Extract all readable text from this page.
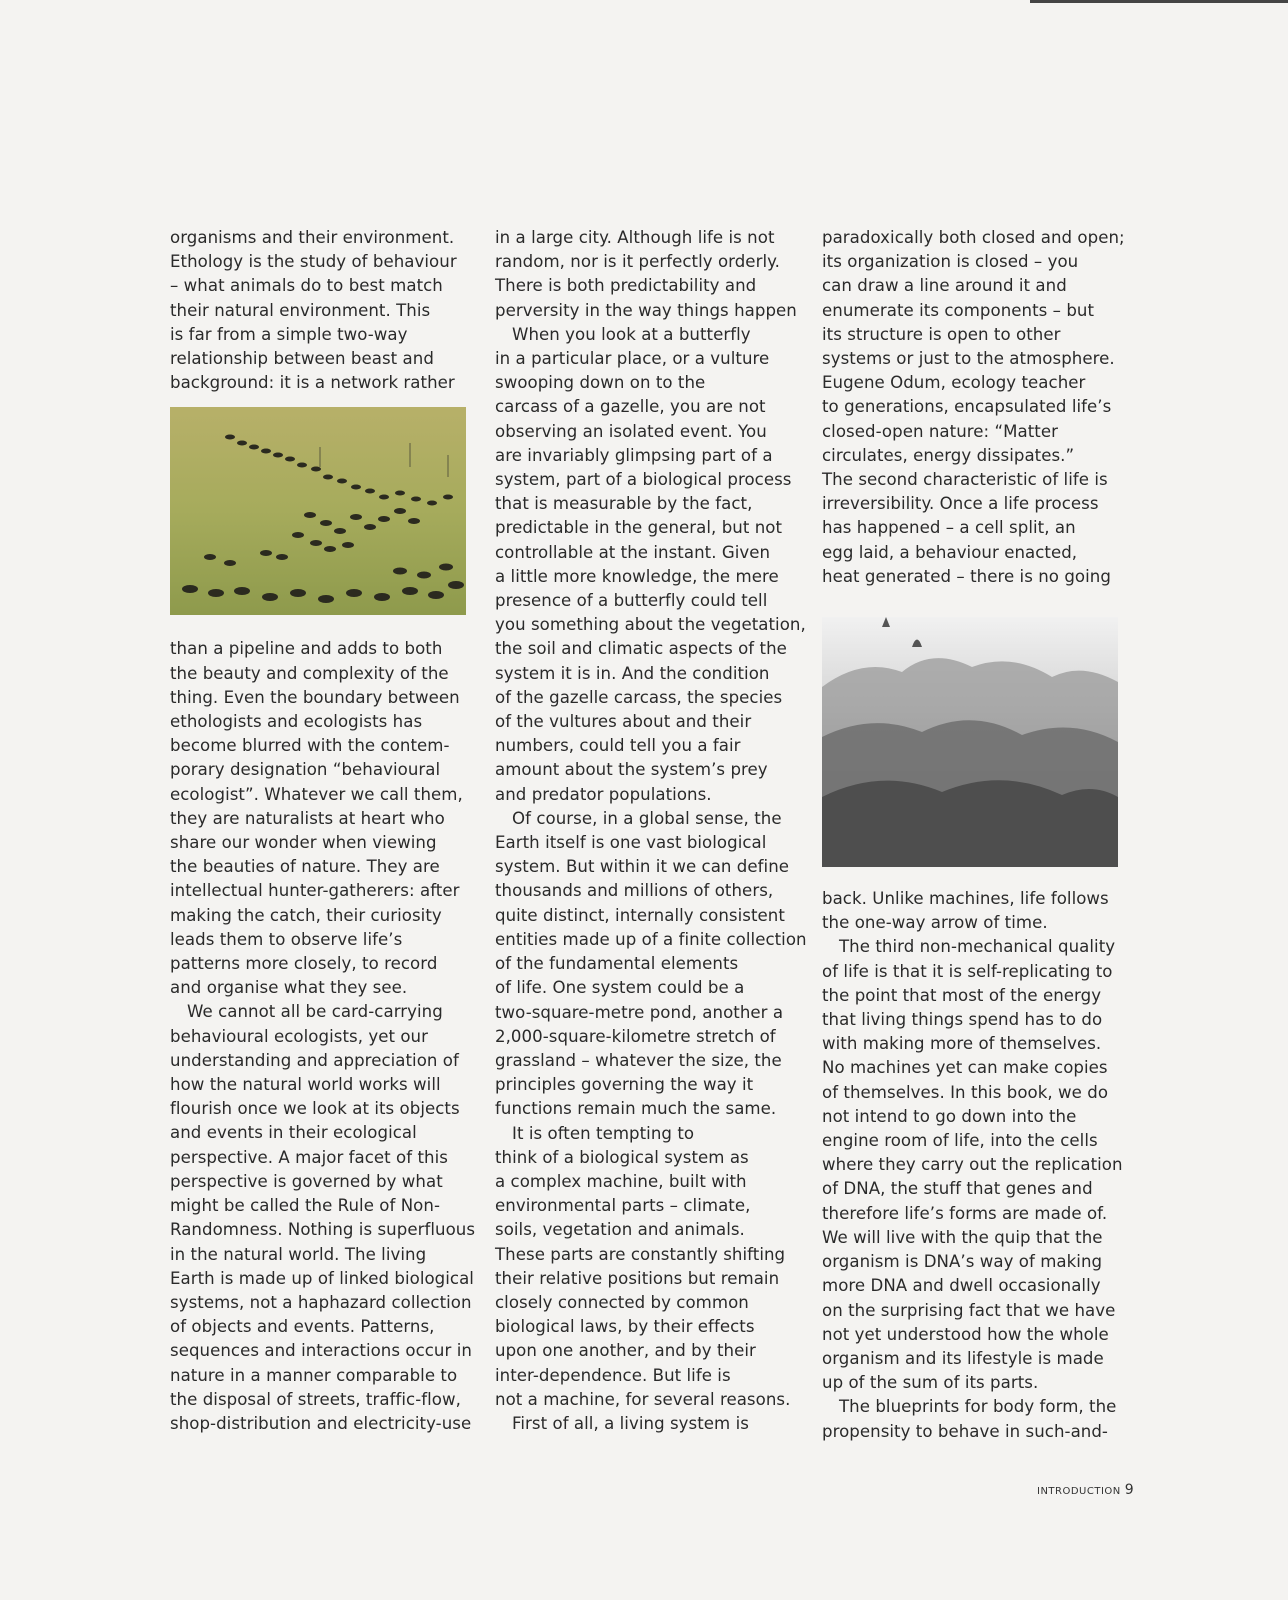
organisms and their environment.
Ethology is the study of behaviour
– what animals do to best match
their natural environment. This
is far from a simple two-way
relationship between beast and
background: it is a network rather
than a pipeline and adds to both
the beauty and complexity of the
thing. Even the boundary between
ethologists and ecologists has
become blurred with the contem-
porary designation “behavioural
ecologist”. Whatever we call them,
they are naturalists at heart who
share our wonder when viewing
the beauties of nature. They are
intellectual hunter-gatherers: after
making the catch, their curiosity
leads them to observe life’s
patterns more closely, to record
and organise what they see.
We cannot all be card-carrying
behavioural ecologists, yet our
understanding and appreciation of
how the natural world works will
flourish once we look at its objects
and events in their ecological
perspective. A major facet of this
perspective is governed by what
might be called the Rule of Non-
Randomness. Nothing is superfluous
in the natural world. The living
Earth is made up of linked biological
systems, not a haphazard collection
of objects and events. Patterns,
sequences and interactions occur in
nature in a manner comparable to
the disposal of streets, traffic-flow,
shop-distribution and electricity-use
in a large city. Although life is not
random, nor is it perfectly orderly.
There is both predictability and
perversity in the way things happen
When you look at a butterfly
in a particular place, or a vulture
swooping down on to the
carcass of a gazelle, you are not
observing an isolated event. You
are invariably glimpsing part of a
system, part of a biological process
that is measurable by the fact,
predictable in the general, but not
controllable at the instant. Given
a little more knowledge, the mere
presence of a butterfly could tell
you something about the vegetation,
the soil and climatic aspects of the
system it is in. And the condition
of the gazelle carcass, the species
of the vultures about and their
numbers, could tell you a fair
amount about the system’s prey
and predator populations.
Of course, in a global sense, the
Earth itself is one vast biological
system. But within it we can define
thousands and millions of others,
quite distinct, internally consistent
entities made up of a finite collection
of the fundamental elements
of life. One system could be a
two-square-metre pond, another a
2,000-square-kilometre stretch of
grassland – whatever the size, the
principles governing the way it
functions remain much the same.
It is often tempting to
think of a biological system as
a complex machine, built with
environmental parts – climate,
soils, vegetation and animals.
These parts are constantly shifting
their relative positions but remain
closely connected by common
biological laws, by their effects
upon one another, and by their
inter-dependence. But life is
not a machine, for several reasons.
First of all, a living system is
paradoxically both closed and open;
its organization is closed – you
can draw a line around it and
enumerate its components – but
its structure is open to other
systems or just to the atmosphere.
Eugene Odum, ecology teacher
to generations, encapsulated life’s
closed-open nature: “Matter
circulates, energy dissipates.”
The second characteristic of life is
irreversibility. Once a life process
has happened – a cell split, an
egg laid, a behaviour enacted,
heat generated – there is no going
back. Unlike machines, life follows
the one-way arrow of time.
The third non-mechanical quality
of life is that it is self-replicating to
the point that most of the energy
that living things spend has to do
with making more of themselves.
No machines yet can make copies
of themselves. In this book, we do
not intend to go down into the
engine room of life, into the cells
where they carry out the replication
of DNA, the stuff that genes and
therefore life’s forms are made of.
We will live with the quip that the
organism is DNA’s way of making
more DNA and dwell occasionally
on the surprising fact that we have
not yet understood how the whole
organism and its lifestyle is made
up of the sum of its parts.
The blueprints for body form, the
propensity to behave in such-and-
INTRODUCTION 9
